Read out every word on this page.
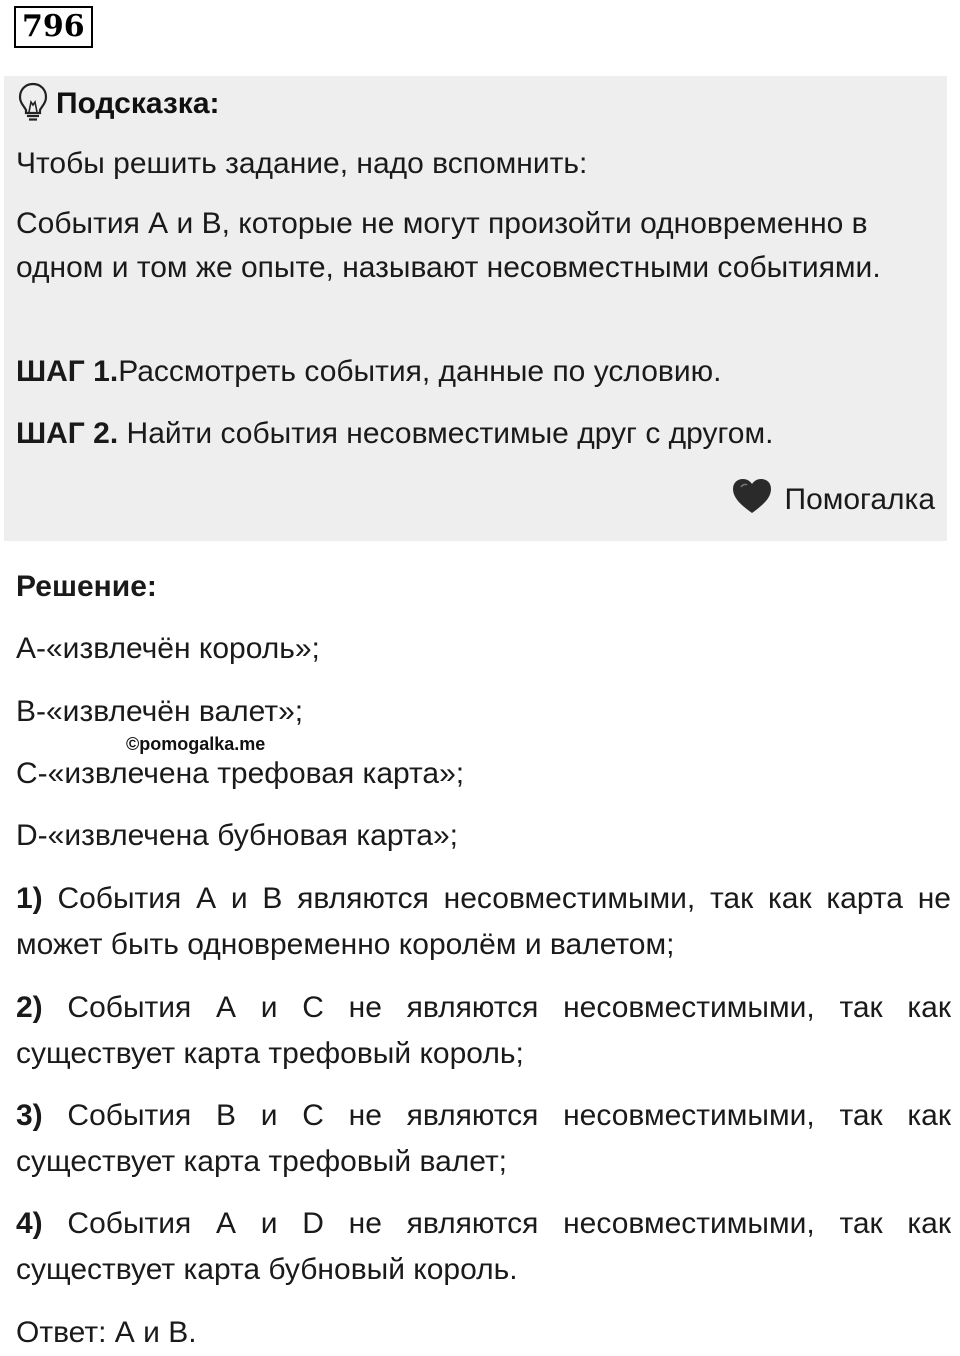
796
Подсказка:
Чтобы решить задание, надо вспомнить:
События А и В, которые не могут произойти одновременно в одном и том же опыте, называют несовместными событиями.
ШАГ 1.Рассмотреть события, данные по условию.
ШАГ 2. Найти события несовместимые друг с другом.
Помогалка
Решение:
А-«извлечён король»;
В-«извлечён валет»;
©pomogalka.me
С-«извлечена трефовая карта»;
D-«извлечена бубновая карта»;
1) События А и В являются несовместимыми, так как карта не может быть одновременно королём и валетом;
2) События А и С не являются несовместимыми, так как существует карта трефовый король;
3) События В и С не являются несовместимыми, так как существует карта трефовый валет;
4) События А и D не являются несовместимыми, так как существует карта бубновый король.
Ответ: А и В.
